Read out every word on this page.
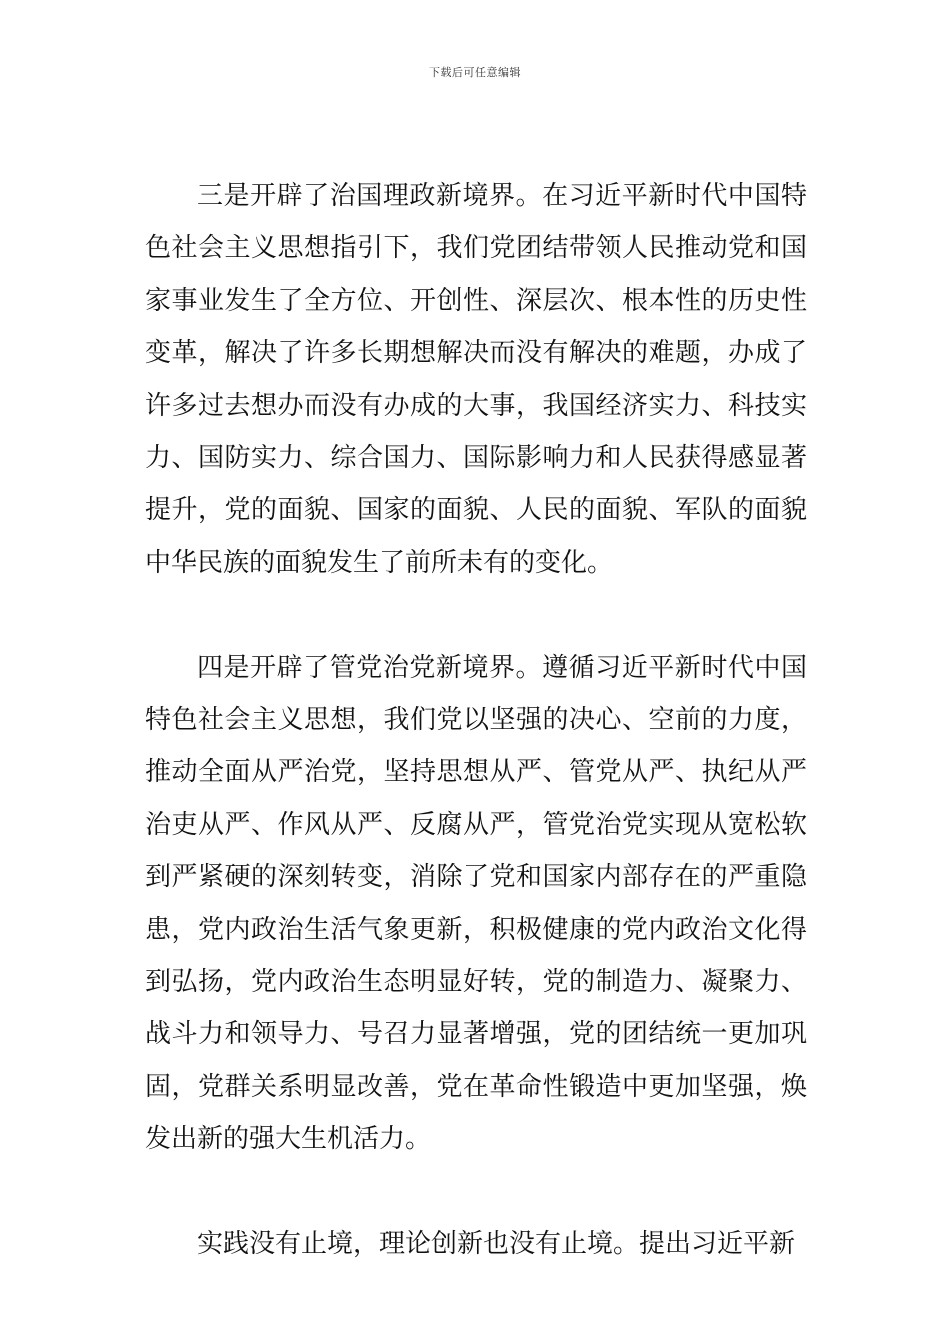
下载后可任意编辑

三是开辟了治国理政新境界。在习近平新时代中国特色社会主义思想指引下，我们党团结带领人民推动党和国家事业发生了全方位、开创性、深层次、根本性的历史性变革，解决了许多长期想解决而没有解决的难题，办成了许多过去想办而没有办成的大事，我国经济实力、科技实力、国防实力、综合国力、国际影响力和人民获得感显著提升，党的面貌、国家的面貌、人民的面貌、军队的面貌中华民族的面貌发生了前所未有的变化。

四是开辟了管党治党新境界。遵循习近平新时代中国特色社会主义思想，我们党以坚强的决心、空前的力度，推动全面从严治党，坚持思想从严、管党从严、执纪从严治吏从严、作风从严、反腐从严，管党治党实现从宽松软到严紧硬的深刻转变，消除了党和国家内部存在的严重隐患，党内政治生活气象更新，积极健康的党内政治文化得到弘扬，党内政治生态明显好转，党的制造力、凝聚力、战斗力和领导力、号召力显著增强，党的团结统一更加巩固，党群关系明显改善，党在革命性锻造中更加坚强，焕发出新的强大生机活力。

实践没有止境，理论创新也没有止境。提出习近平新
